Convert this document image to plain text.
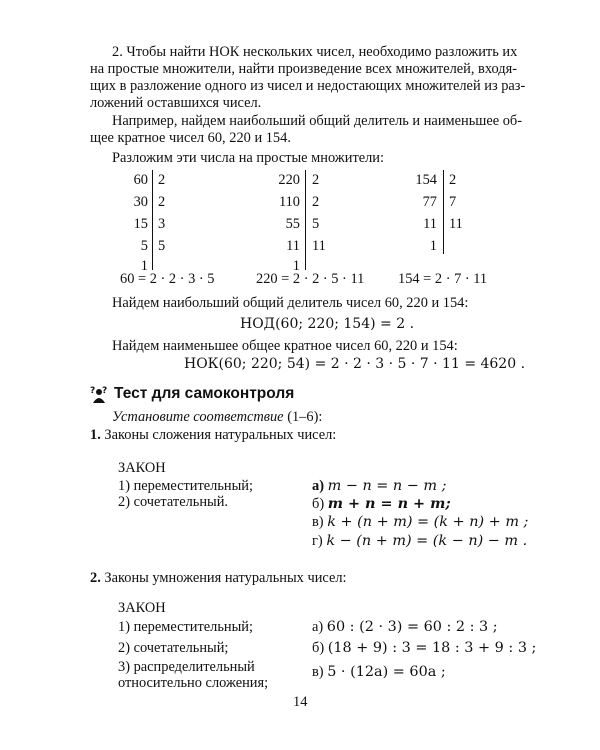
2. Чтобы найти НОК нескольких чисел, необходимо разложить их
на простые множители, найти произведение всех множителей, входя-
щих в разложение одного из чисел и недостающих множителей из раз-
ложений оставшихся чисел.
Например, найдем наибольший общий делитель и наименьшее об-
щее кратное чисел 60, 220 и 154.
Разложим эти числа на простые множители:
60
30
15
5
1
2
2
3
5
60 = 2 · 2 · 3 · 5
220
110
55
11
1
2
2
5
11
220 = 2 · 2 · 5 · 11
154
77
11
1
2
7
11
154 = 2 · 7 · 11
Найдем наибольший общий делитель чисел 60, 220 и 154:
НОД(60; 220; 154) = 2 .
Найдем наименьшее общее кратное чисел 60, 220 и 154:
НОК(60; 220; 54) = 2 · 2 · 3 · 5 · 7 · 11 = 4620 .
? ? Тест для самоконтроля
Установите соответствие (1–6):
1. Законы сложения натуральных чисел:
ЗАКОН
1) переместительный;
2) сочетательный.
а) m − n = n − m ;
б) m + n = n + m;
в) k + (n + m) = (k + n) + m ;
г) k − (n + m) = (k − n) − m .
2. Законы умножения натуральных чисел:
ЗАКОН
1) переместительный;
2) сочетательный;
3) распределительный
относительно сложения;
а) 60 : (2 · 3) = 60 : 2 : 3 ;
б) (18 + 9) : 3 = 18 : 3 + 9 : 3 ;
в) 5 · (12a) = 60a ;
14
